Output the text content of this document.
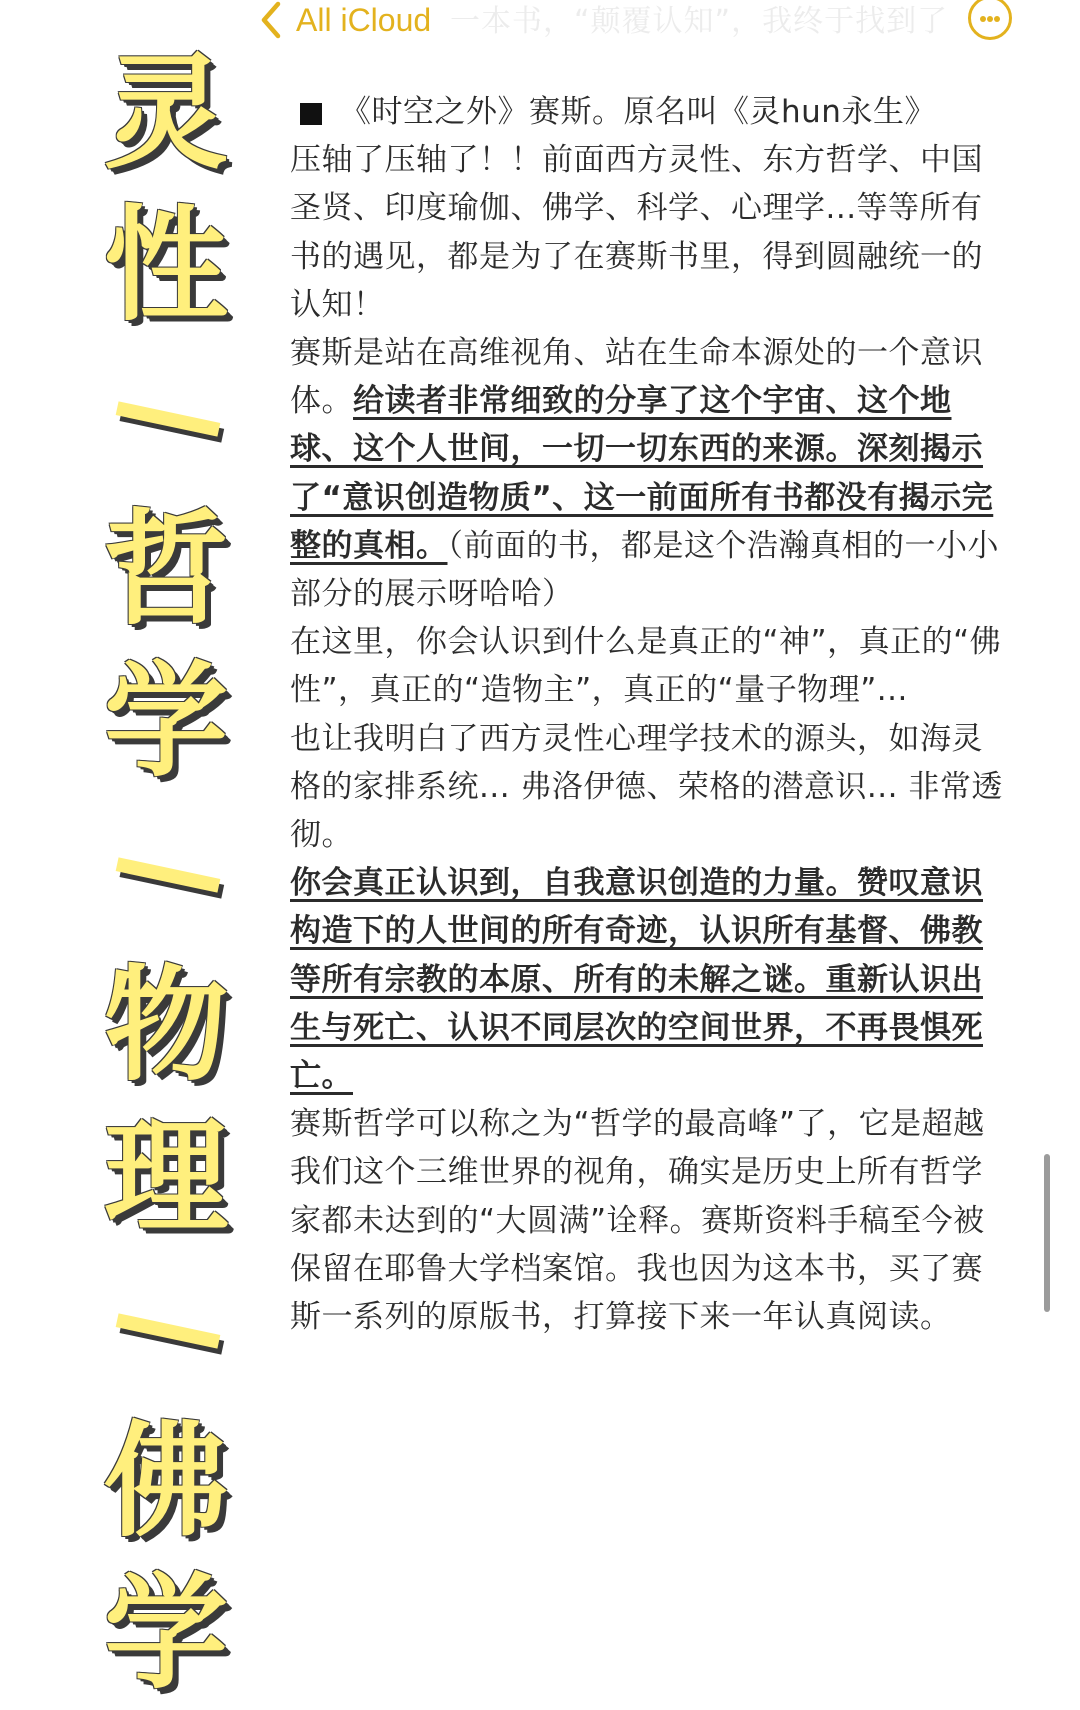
All iCloud 一本书，“颠覆认知”，我终于找到了
灵
性
哲
学
物
理
佛
学

《时空之外》赛斯。原名叫《灵hun永生》
压轴了压轴了！！前面西方灵性、东方哲学、中国圣贤、印度瑜伽、佛学、科学、心理学...等等所有书的遇见，都是为了在赛斯书里，得到圆融统一的认知！

赛斯是站在高维视角、站在生命本源处的一个意识体。给读者非常细致的分享了这个宇宙、这个地球、这个人世间，一切一切东西的来源。深刻揭示了“意识创造物质”、这一前面所有书都没有揭示完整的真相。（前面的书，都是这个浩瀚真相的一小小部分的展示呀哈哈）

在这里，你会认识到什么是真正的“神”，真正的“佛性”，真正的“造物主”，真正的“量子物理”...

也让我明白了西方灵性心理学技术的源头，如海灵格的家排系统... 弗洛伊德、荣格的潜意识... 非常透彻。

你会真正认识到，自我意识创造的力量。赞叹意识构造下的人世间的所有奇迹，认识所有基督、佛教等所有宗教的本原、所有的未解之谜。重新认识出生与死亡、认识不同层次的空间世界，不再畏惧死亡。

赛斯哲学可以称之为“哲学的最高峰”了，它是超越我们这个三维世界的视角，确实是历史上所有哲学家都未达到的“大圆满”诠释。赛斯资料手稿至今被保留在耶鲁大学档案馆。我也因为这本书，买了赛斯一系列的原版书，打算接下来一年认真阅读。
